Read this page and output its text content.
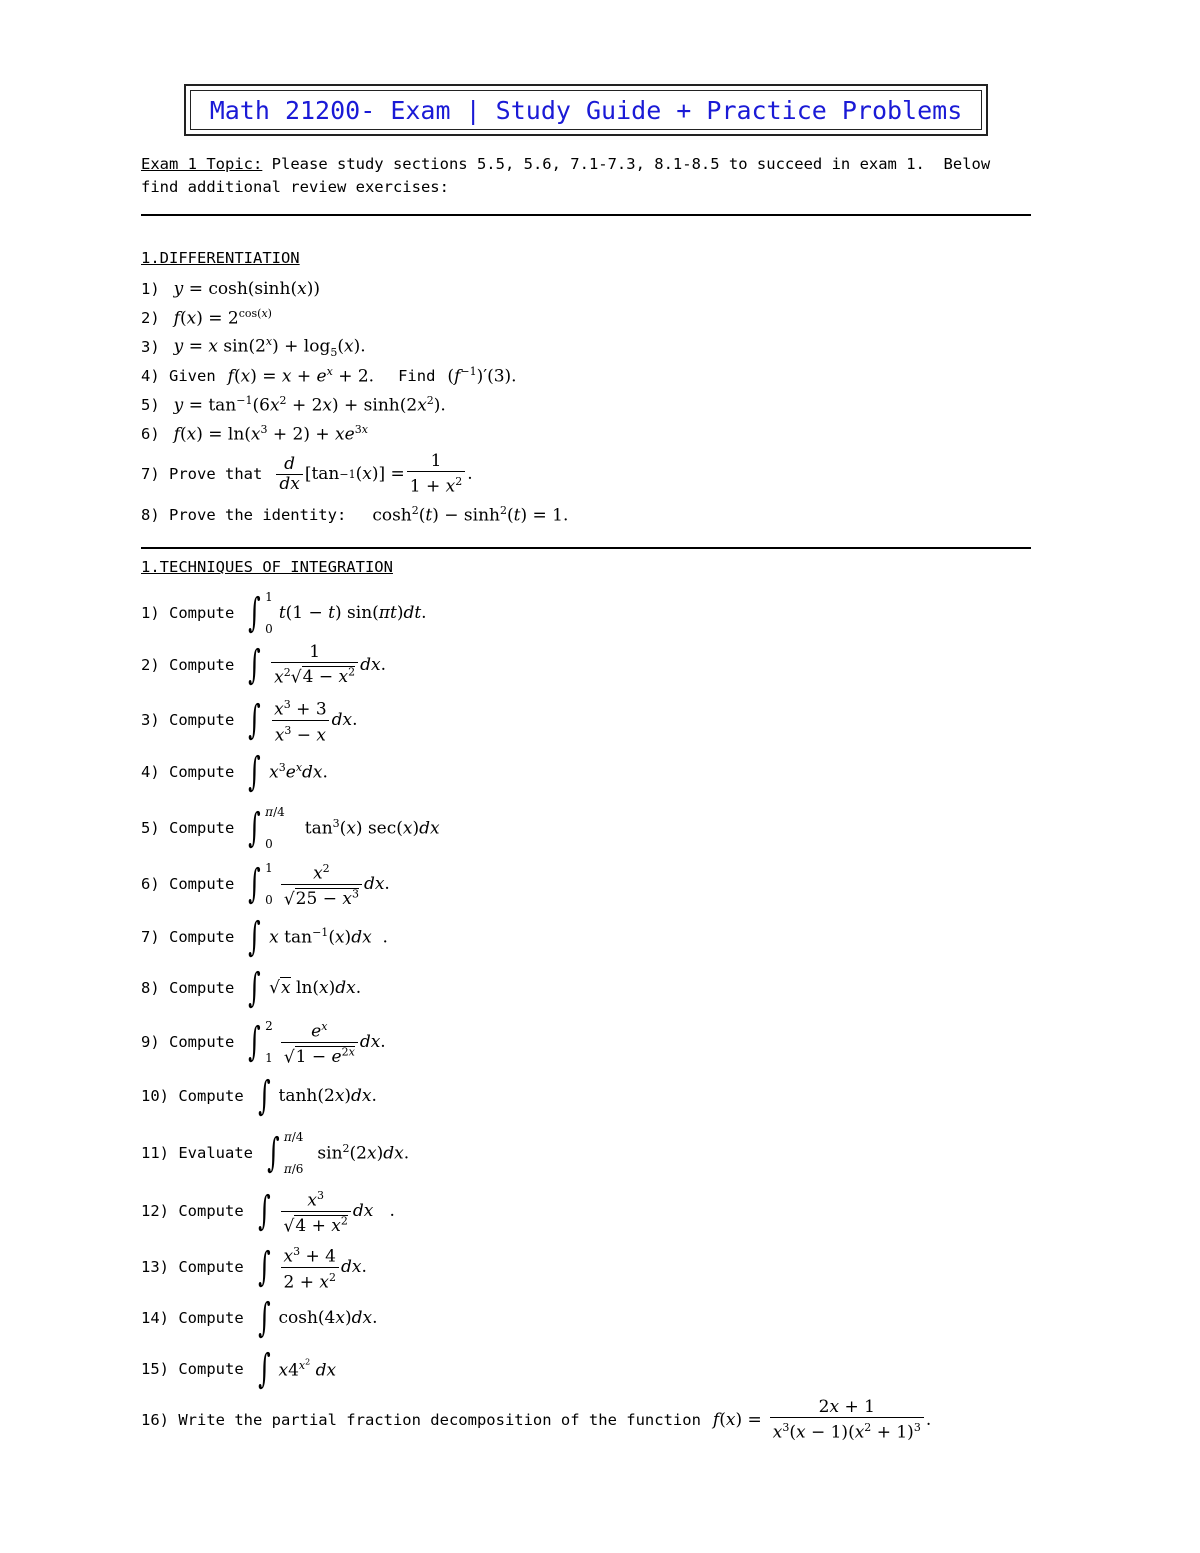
Math 21200- Exam | Study Guide + Practice Problems
Exam 1 Topic: Please study sections 5.5, 5.6, 7.1-7.3, 8.1-8.5 to succeed in exam 1.  Below
find additional review exercises:
1.DIFFERENTIATION
1) y = cosh(sinh(x))
2) $f(x) = 2^{cos(x)}$
3) y = x $\sin(2^x) + \log_5(x)$.
4) Given $f(x) = x + e^x + 2$. Find $(f^{-1})'(3)$.
5) $y = \tan^{-1}(6x^2 + 2x) + \sinh(2x^2)$.
6) $f(x) = \ln(x^3 + 2) + xe^{3x}$
7) Prove that $\frac{d}{dx} [\tan -1$ ( x )] = $\frac{1}{1 + x^2}$ .
8) Prove the identity: $\cosh^2(t) - \sinh^2(t) = 1$.
1.TECHNIQUES OF INTEGRATION
1) Compute ∫ 1
0
t(1 − t) sin(πt)dt.
2) Compute ∫ $\frac{1}{x^2√4 - x^2}$ dx .
3) Compute ∫ $\frac{x^3 + 3}{x^3 - x}$ dx .
4) Compute ∫ $x^3e^xdx$.
5) Compute ∫ π/4
0
$\tan^3(x)$ sec(x)dx
6) Compute ∫ 1
$0 \frac{x^2}{√25 - x^3}$ dx .
7) Compute ∫ x $\tan^{-1}(x)dx$  .
8) Compute ∫ √x ln(x)dx.
9) Compute ∫ 2
$1 \frac{e^x}{√1 - e^{2x}}$ dx .
10) Compute ∫ tanh(2x)dx.
11) Evaluate ∫ π/4
π/6
$\sin^2(2x)dx$.
12) Compute ∫ $\frac{x^3}{√4 + x^2}$ dx .
13) Compute ∫ $\frac{x^3 + 4}{2 + x^2}$ dx .
14) Compute ∫ cosh(4x)dx.
15) Compute ∫ $x4^{x^2}$ dx
16) Write the partial fraction decomposition of the function f ( x ) = $\frac{2x + 1}{x^3(x - 1)(x^2 + 1)^3}$ .
